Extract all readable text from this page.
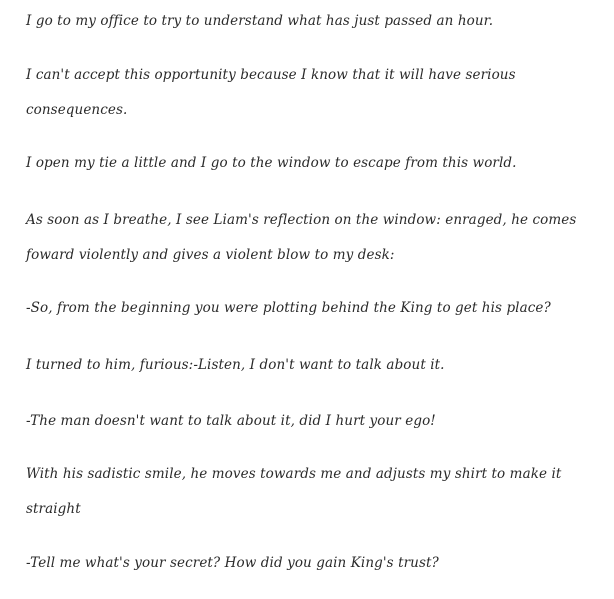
I go to my office to try to understand what has just passed an hour.

I can't accept this opportunity because I know that it will have serious consequences.

I open my tie a little and I go to the window to escape from this world.

As soon as I breathe, I see Liam's reflection on the window: enraged, he comes foward violently and gives a violent blow to my desk:

-So, from the beginning you were plotting behind the King to get his place?

I turned to him, furious:-Listen, I don't want to talk about it.

-The man doesn't want to talk about it, did I hurt your ego!

With his sadistic smile, he moves towards me and adjusts my shirt to make it straight

-Tell me what's your secret? How did you gain King's trust?
